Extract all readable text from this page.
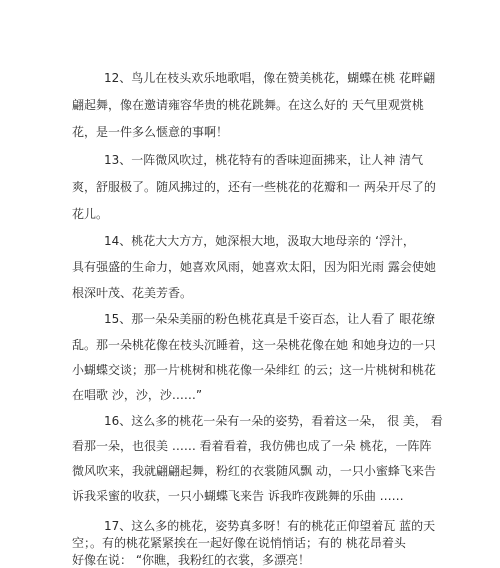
12、鸟儿在枝头欢乐地歌唱，像在赞美桃花，蝴蝶在桃 花畔翩
翩起舞，像在邀请雍容华贵的桃花跳舞。在这么好的 天气里观赏桃
花，是一件多么惬意的事啊！
13、一阵微风吹过，桃花特有的香味迎面拂来，让人神 清气
爽，舒服极了。随风拂过的，还有一些桃花的花瓣和一 两朵开尽了的
花儿。
14、桃花大大方方，她深根大地，汲取大地母亲的 ‘浮汁，
具有强盛的生命力，她喜欢风雨，她喜欢太阳，因为阳光雨 露会使她
根深叶茂、花美芳香。
15、那一朵朵美丽的粉色桃花真是千姿百态，让人看了 眼花缭
乱。那一朵桃花像在枝头沉睡着，这一朵桃花像在她 和她身边的一只
小蝴蝶交谈；那一片桃树和桃花像一朵绯红 的云；这一片桃树和桃花
在唱歌 沙，沙，沙……”
16、这么多的桃花一朵有一朵的姿势，看着这一朵， 很 美， 看
看那一朵，也很美 …… 看着看着，我仿佛也成了一朵 桃花，一阵阵
微风吹来，我就翩翩起舞，粉红的衣裳随风飘 动，一只小蜜蜂飞来告
诉我采蜜的收获，一只小蝴蝶飞来告 诉我昨夜跳舞的乐曲 ……
17、这么多的桃花，姿势真多呀！有的桃花正仰望着瓦 蓝的天
空；。有的桃花紧紧挨在一起好像在说悄悄话；有的 桃花昂着头
好像在说： “你瞧，我粉红的衣裳，多漂亮！
